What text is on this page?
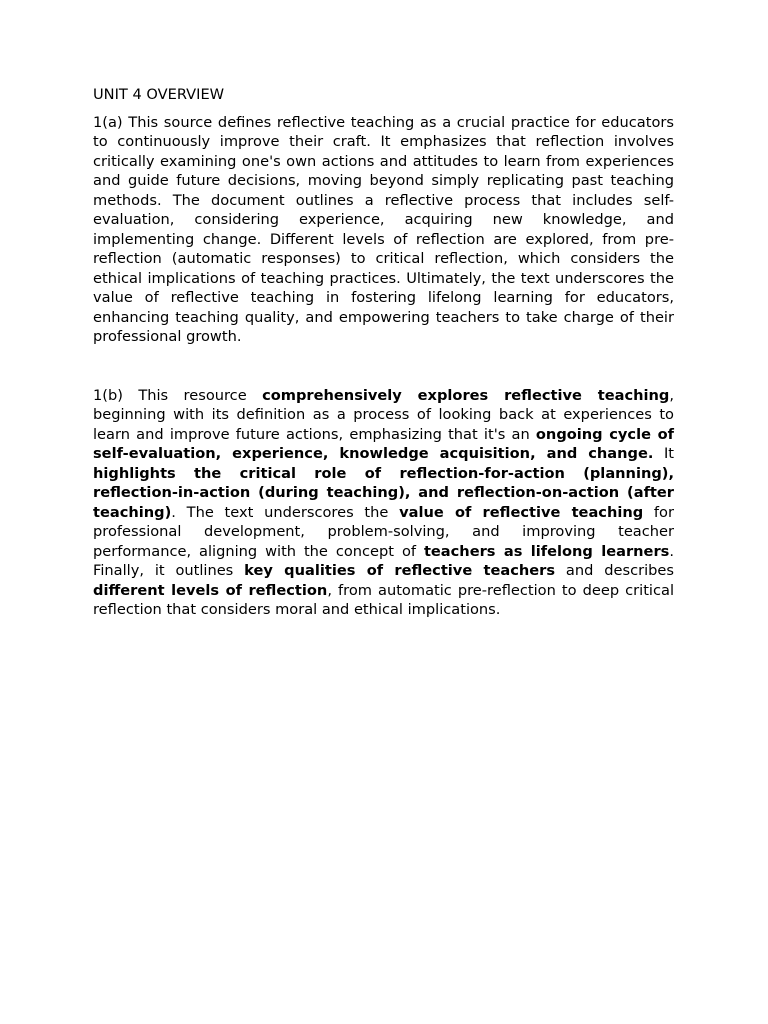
UNIT 4 OVERVIEW

1(a) This source defines reflective teaching as a crucial practice for educators to continuously improve their craft. It emphasizes that reflection involves critically examining one's own actions and attitudes to learn from experiences and guide future decisions, moving beyond simply replicating past teaching methods. The document outlines a reflective process that includes self-evaluation, considering experience, acquiring new knowledge, and implementing change. Different levels of reflection are explored, from pre-reflection (automatic responses) to critical reflection, which considers the ethical implications of teaching practices. Ultimately, the text underscores the value of reflective teaching in fostering lifelong learning for educators, enhancing teaching quality, and empowering teachers to take charge of their professional growth.

1(b) This resource comprehensively explores reflective teaching, beginning with its definition as a process of looking back at experiences to learn and improve future actions, emphasizing that it's an ongoing cycle of self-evaluation, experience, knowledge acquisition, and change. It highlights the critical role of reflection-for-action (planning), reflection-in-action (during teaching), and reflection-on-action (after teaching). The text underscores the value of reflective teaching for professional development, problem-solving, and improving teacher performance, aligning with the concept of teachers as lifelong learners. Finally, it outlines key qualities of reflective teachers and describes different levels of reflection, from automatic pre-reflection to deep critical reflection that considers moral and ethical implications.
